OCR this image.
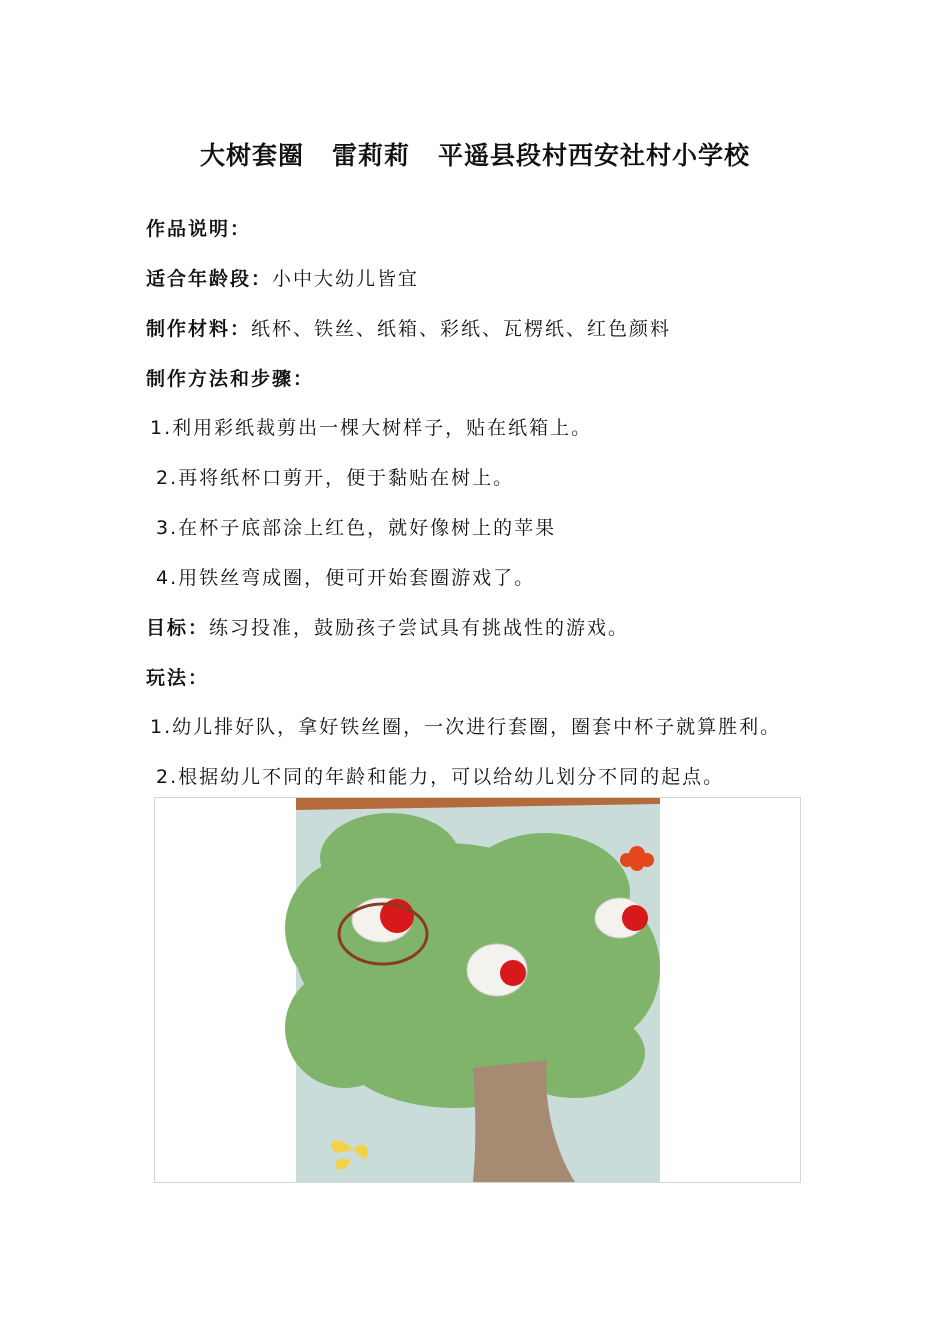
大树套圈 雷莉莉 平遥县段村西安社村小学校
作品说明：
适合年龄段：小中大幼儿皆宜
制作材料：纸杯、铁丝、纸箱、彩纸、瓦楞纸、红色颜料
制作方法和步骤：
1.利用彩纸裁剪出一棵大树样子，贴在纸箱上。
2.再将纸杯口剪开，便于黏贴在树上。
3.在杯子底部涂上红色，就好像树上的苹果
4.用铁丝弯成圈，便可开始套圈游戏了。
目标：练习投准，鼓励孩子尝试具有挑战性的游戏。
玩法：
1.幼儿排好队，拿好铁丝圈，一次进行套圈，圈套中杯子就算胜利。
2.根据幼儿不同的年龄和能力，可以给幼儿划分不同的起点。
